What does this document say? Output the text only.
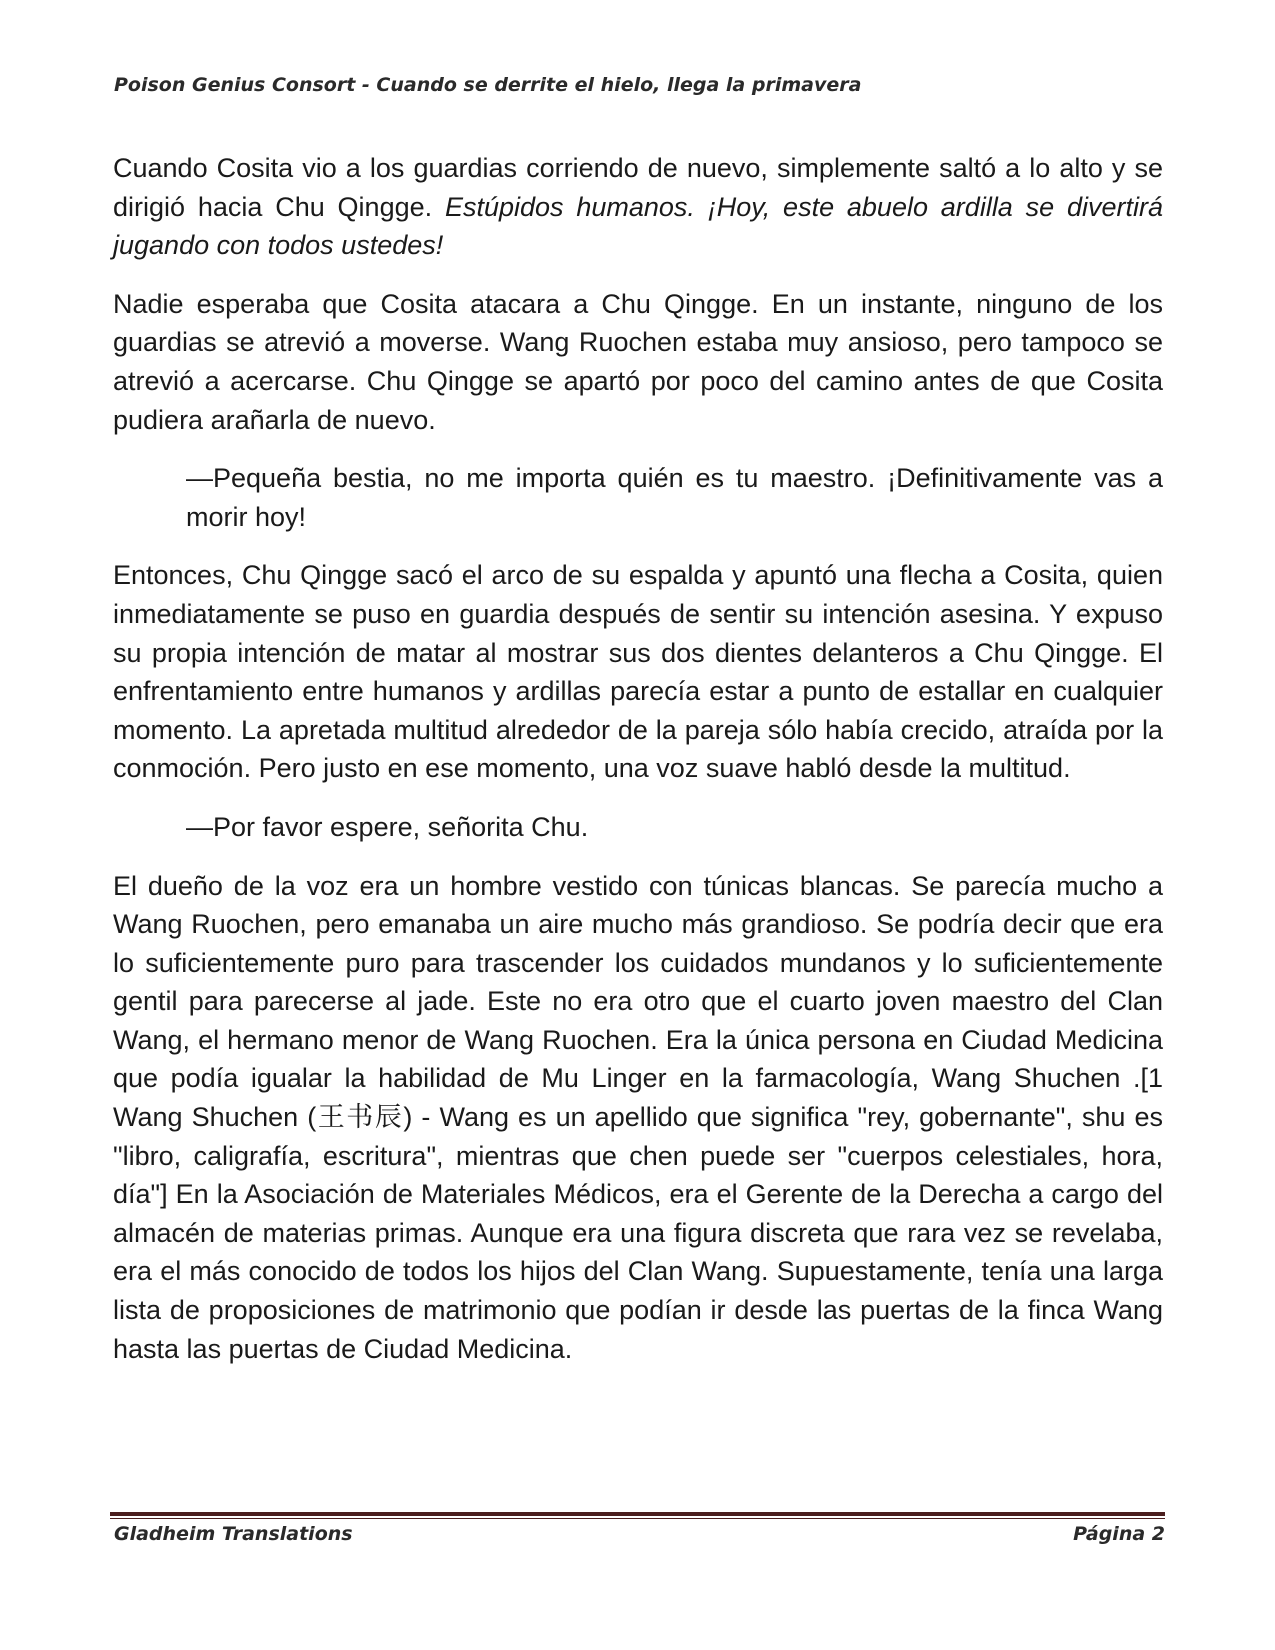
Poison Genius Consort - Cuando se derrite el hielo, llega la primavera

Cuando Cosita vio a los guardias corriendo de nuevo, simplemente saltó a lo alto y se dirigió hacia Chu Qingge. Estúpidos humanos. ¡Hoy, este abuelo ardilla se divertirá jugando con todos ustedes!

Nadie esperaba que Cosita atacara a Chu Qingge. En un instante, ninguno de los guardias se atrevió a moverse. Wang Ruochen estaba muy ansioso, pero tampoco se atrevió a acercarse. Chu Qingge se apartó por poco del camino antes de que Cosita pudiera arañarla de nuevo.

—Pequeña bestia, no me importa quién es tu maestro. ¡Definitivamente vas a morir hoy!

Entonces, Chu Qingge sacó el arco de su espalda y apuntó una flecha a Cosita, quien inmediatamente se puso en guardia después de sentir su intención asesina. Y expuso su propia intención de matar al mostrar sus dos dientes delanteros a Chu Qingge. El enfrentamiento entre humanos y ardillas parecía estar a punto de estallar en cualquier momento. La apretada multitud alrededor de la pareja sólo había crecido, atraída por la conmoción. Pero justo en ese momento, una voz suave habló desde la multitud.

—Por favor espere, señorita Chu.

El dueño de la voz era un hombre vestido con túnicas blancas. Se parecía mucho a Wang Ruochen, pero emanaba un aire mucho más grandioso. Se podría decir que era lo suficientemente puro para trascender los cuidados mundanos y lo suficientemente gentil para parecerse al jade. Este no era otro que el cuarto joven maestro del Clan Wang, el hermano menor de Wang Ruochen. Era la única persona en Ciudad Medicina que podía igualar la habilidad de Mu Linger en la farmacología, Wang Shuchen .[1 Wang Shuchen (王书辰) - Wang es un apellido que significa "rey, gobernante", shu es "libro, caligrafía, escritura", mientras que chen puede ser "cuerpos celestiales, hora, día"] En la Asociación de Materiales Médicos, era el Gerente de la Derecha a cargo del almacén de materias primas. Aunque era una figura discreta que rara vez se revelaba, era el más conocido de todos los hijos del Clan Wang. Supuestamente, tenía una larga lista de proposiciones de matrimonio que podían ir desde las puertas de la finca Wang hasta las puertas de Ciudad Medicina.

Gladheim Translations	Página 2
